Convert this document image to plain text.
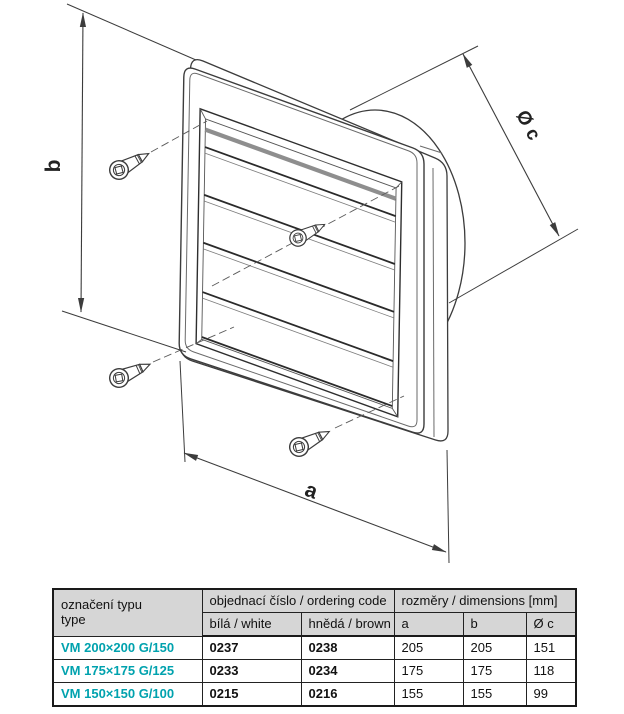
b
a
Ø c
označení typu
type	objednací číslo / ordering code		rozměry / dimensions [mm]		
	bílá / white	hnědá / brown	a	b	Ø c
VM 200×200 G/150	0237	0238	205	205	151
VM 175×175 G/125	0233	0234	175	175	118
VM 150×150 G/100	0215	0216	155	155	99
